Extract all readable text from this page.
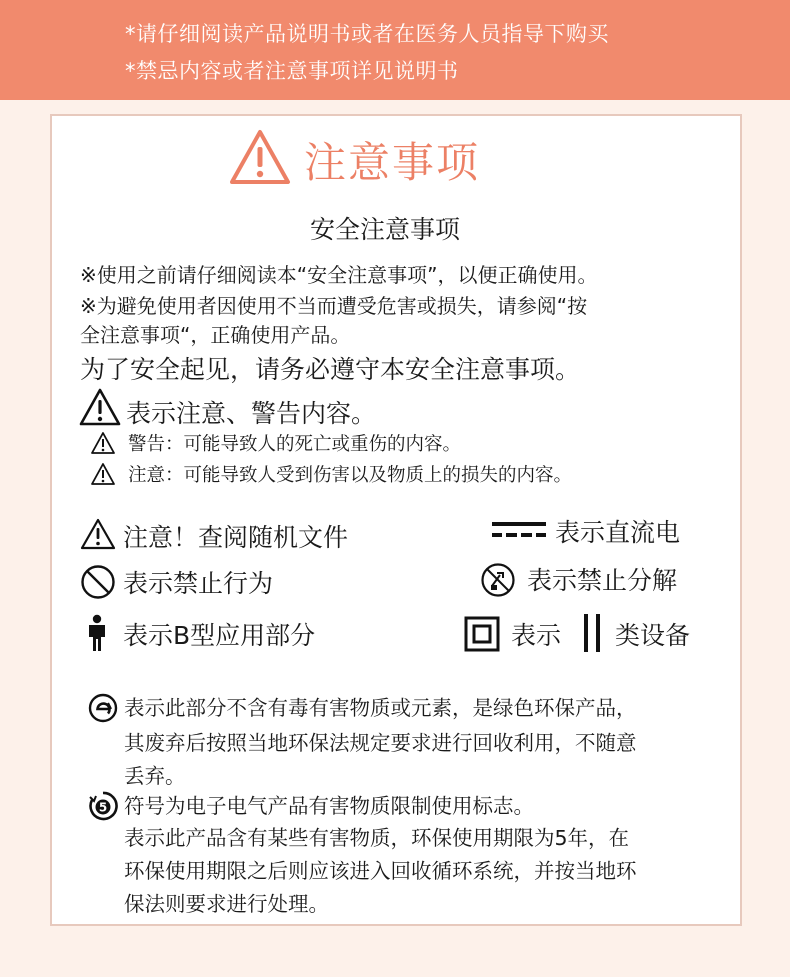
*请仔细阅读产品说明书或者在医务人员指导下购买

*禁忌内容或者注意事项详见说明书

注意事项

安全注意事项

※使用之前请仔细阅读本“安全注意事项”，以便正确使用。

※为避免使用者因使用不当而遭受危害或损失，请参阅“按

全注意事项“，正确使用产品。

为了安全起见，请务必遵守本安全注意事项。

表示注意、警告内容。

警告：可能导致人的死亡或重伤的内容。

注意：可能导致人受到伤害以及物质上的损失的内容。

注意！查阅随机文件	表示直流电

表示禁止行为	表示禁止分解

表示B型应用部分	表示 类设备

表示此部分不含有毒有害物质或元素，是绿色环保产品，

其废弃后按照当地环保法规定要求进行回收利用，不随意

丢弃。

5 符号为电子电气产品有害物质限制使用标志。

表示此产品含有某些有害物质，环保使用期限为5年，在

环保使用期限之后则应该进入回收循环系统，并按当地环

保法则要求进行处理。
